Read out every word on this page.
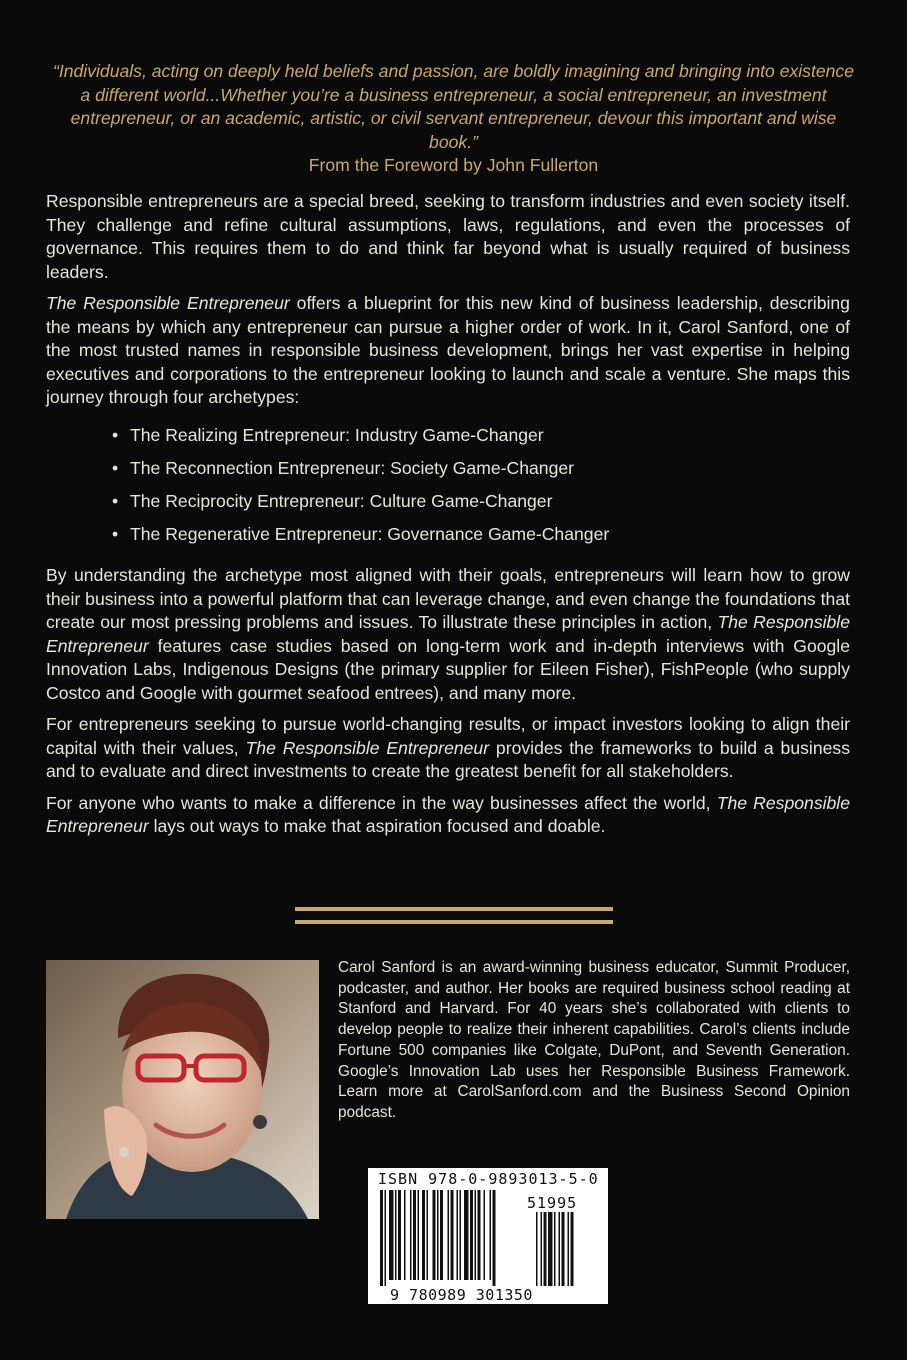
“Individuals, acting on deeply held beliefs and passion, are boldly imagining and bringing into existence a different world...Whether you’re a business entrepreneur, a social entrepreneur, an investment entrepreneur, or an academic, artistic, or civil servant entrepreneur, devour this important and wise book.”
From the Foreword by John Fullerton

Responsible entrepreneurs are a special breed, seeking to transform industries and even society itself. They challenge and refine cultural assumptions, laws, regulations, and even the processes of governance. This requires them to do and think far beyond what is usually required of business leaders.

The Responsible Entrepreneur offers a blueprint for this new kind of business leadership, describing the means by which any entrepreneur can pursue a higher order of work. In it, Carol Sanford, one of the most trusted names in responsible business development, brings her vast expertise in helping executives and corporations to the entrepreneur looking to launch and scale a venture. She maps this journey through four archetypes:

• The Realizing Entrepreneur: Industry Game-Changer
• The Reconnection Entrepreneur: Society Game-Changer
• The Reciprocity Entrepreneur: Culture Game-Changer
• The Regenerative Entrepreneur: Governance Game-Changer

By understanding the archetype most aligned with their goals, entrepreneurs will learn how to grow their business into a powerful platform that can leverage change, and even change the foundations that create our most pressing problems and issues. To illustrate these principles in action, The Responsible Entrepreneur features case studies based on long-term work and in-depth interviews with Google Innovation Labs, Indigenous Designs (the primary supplier for Eileen Fisher), FishPeople (who supply Costco and Google with gourmet seafood entrees), and many more.

For entrepreneurs seeking to pursue world-changing results, or impact investors looking to align their capital with their values, The Responsible Entrepreneur provides the frameworks to build a business and to evaluate and direct investments to create the greatest benefit for all stakeholders.

For anyone who wants to make a difference in the way businesses affect the world, The Responsible Entrepreneur lays out ways to make that aspiration focused and doable.

Carol Sanford is an award-winning business educator, Summit Producer, podcaster, and author. Her books are required business school reading at Stanford and Harvard. For 40 years she’s collaborated with clients to develop people to realize their inherent capabilities. Carol’s clients include Fortune 500 companies like Colgate, DuPont, and Seventh Generation. Google’s Innovation Lab uses her Responsible Business Framework. Learn more at CarolSanford.com and the Business Second Opinion podcast.
ISBN 978-0-9893013-5-0
51995
9 780989 301350
